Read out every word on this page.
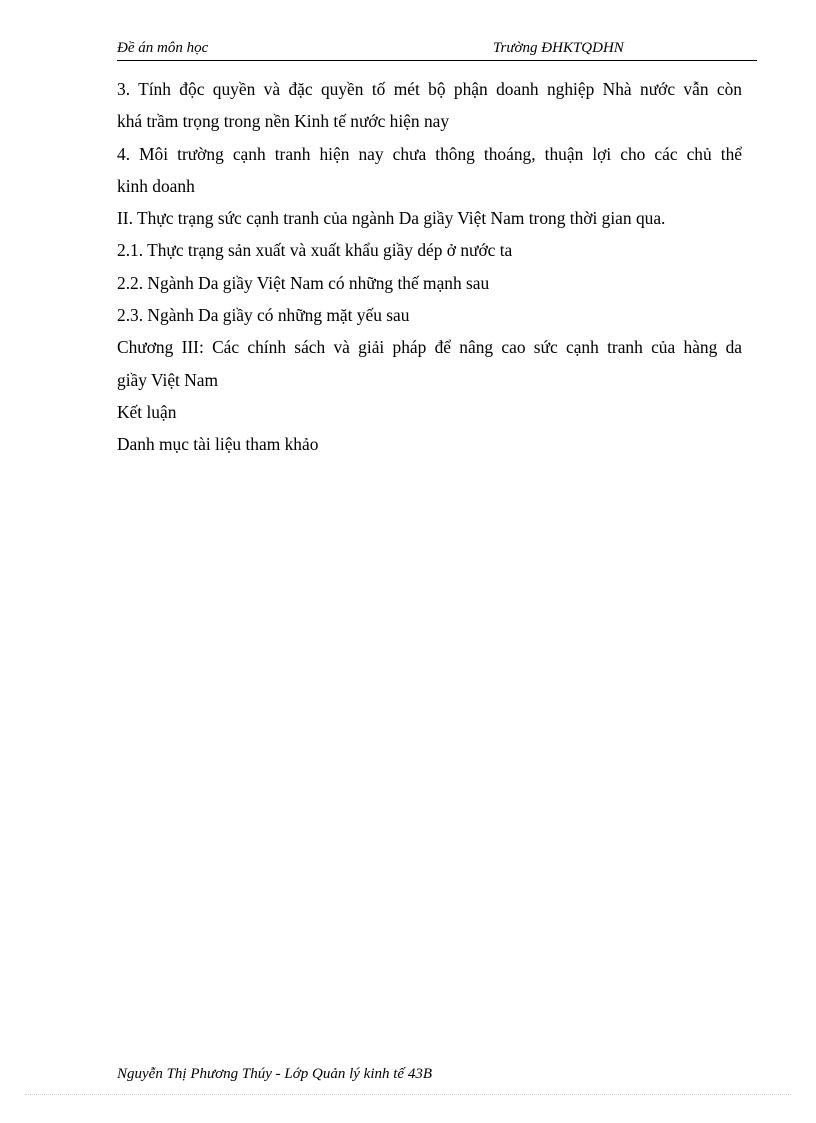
Đề án môn học	Trường ĐHKTQDHN
3. Tính độc quyền và đặc quyền tố mét bộ phận doanh nghiệp Nhà nước vẫn còn
khá trầm trọng trong nền Kinh tế nước hiện nay
4. Môi trường cạnh tranh hiện nay chưa thông thoáng, thuận lợi cho các chủ thể
kinh doanh
II. Thực trạng sức cạnh tranh của ngành Da giầy Việt Nam trong thời gian qua.
2.1. Thực trạng sản xuất và xuất khẩu giầy dép ở nước ta
2.2. Ngành Da giầy Việt Nam có những thế mạnh sau
2.3. Ngành Da giầy có những mặt yếu sau
Chương III: Các chính sách và giải pháp để nâng cao sức cạnh tranh của hàng da
giầy Việt Nam
Kết luận
Danh mục tài liệu tham khảo
Nguyễn Thị Phương Thúy - Lớp Quản lý kinh tế 43B
